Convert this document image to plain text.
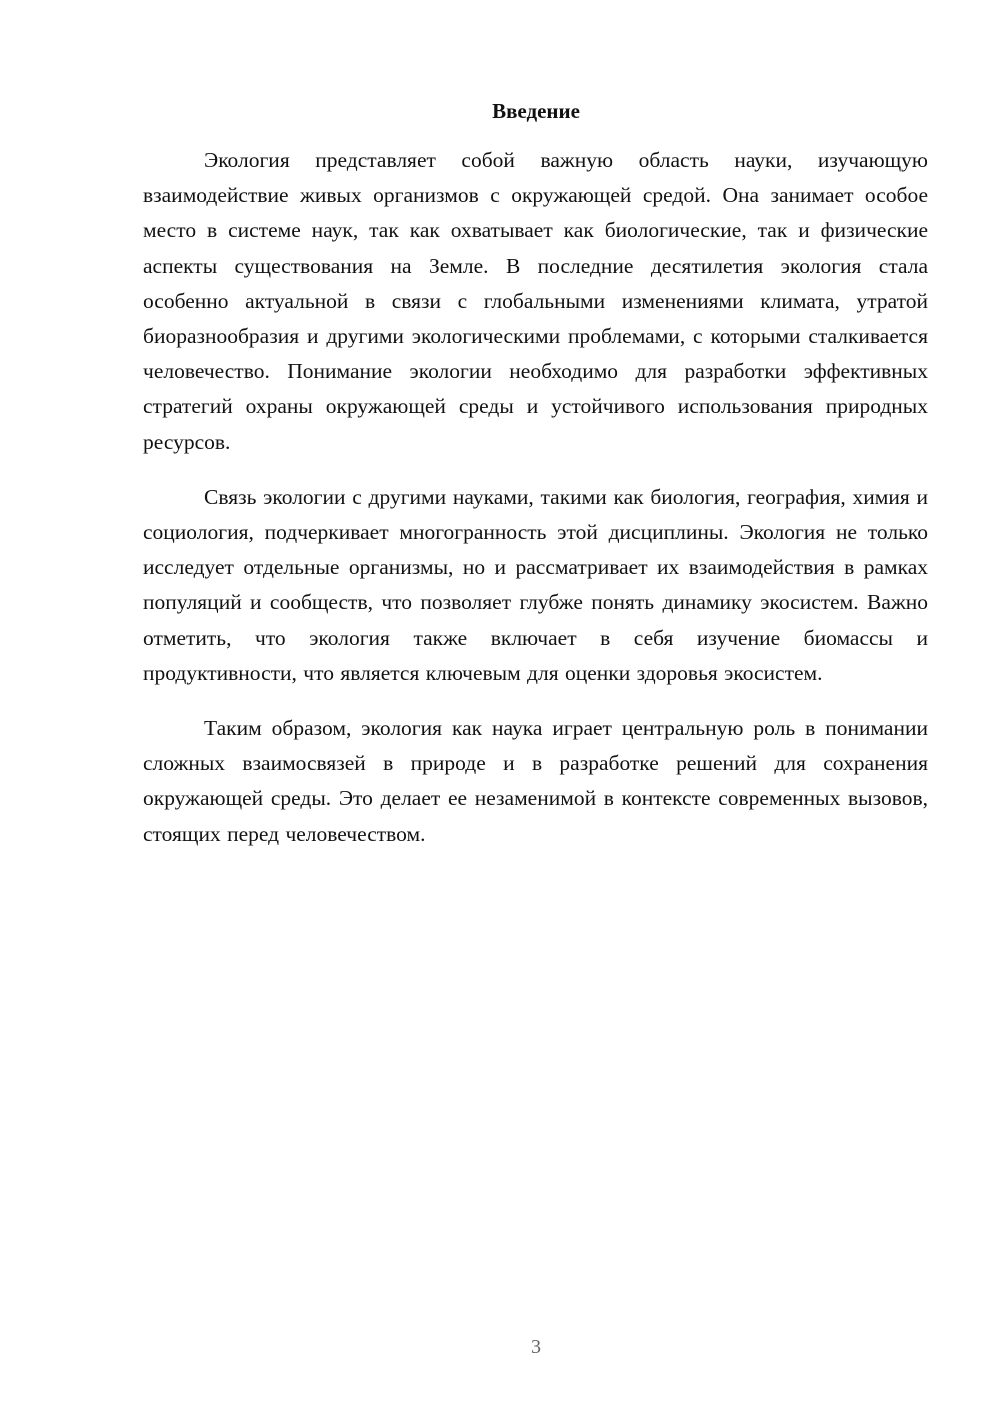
Введение

Экология представляет собой важную область науки, изучающую взаимодействие живых организмов с окружающей средой. Она занимает особое место в системе наук, так как охватывает как биологические, так и физические аспекты существования на Земле. В последние десятилетия экология стала особенно актуальной в связи с глобальными изменениями климата, утратой биоразнообразия и другими экологическими проблемами, с которыми сталкивается человечество. Понимание экологии необходимо для разработки эффективных стратегий охраны окружающей среды и устойчивого использования природных ресурсов.

Связь экологии с другими науками, такими как биология, география, химия и социология, подчеркивает многогранность этой дисциплины. Экология не только исследует отдельные организмы, но и рассматривает их взаимодействия в рамках популяций и сообществ, что позволяет глубже понять динамику экосистем. Важно отметить, что экология также включает в себя изучение биомассы и продуктивности, что является ключевым для оценки здоровья экосистем.

Таким образом, экология как наука играет центральную роль в понимании сложных взаимосвязей в природе и в разработке решений для сохранения окружающей среды. Это делает ее незаменимой в контексте современных вызовов, стоящих перед человечеством.

3
